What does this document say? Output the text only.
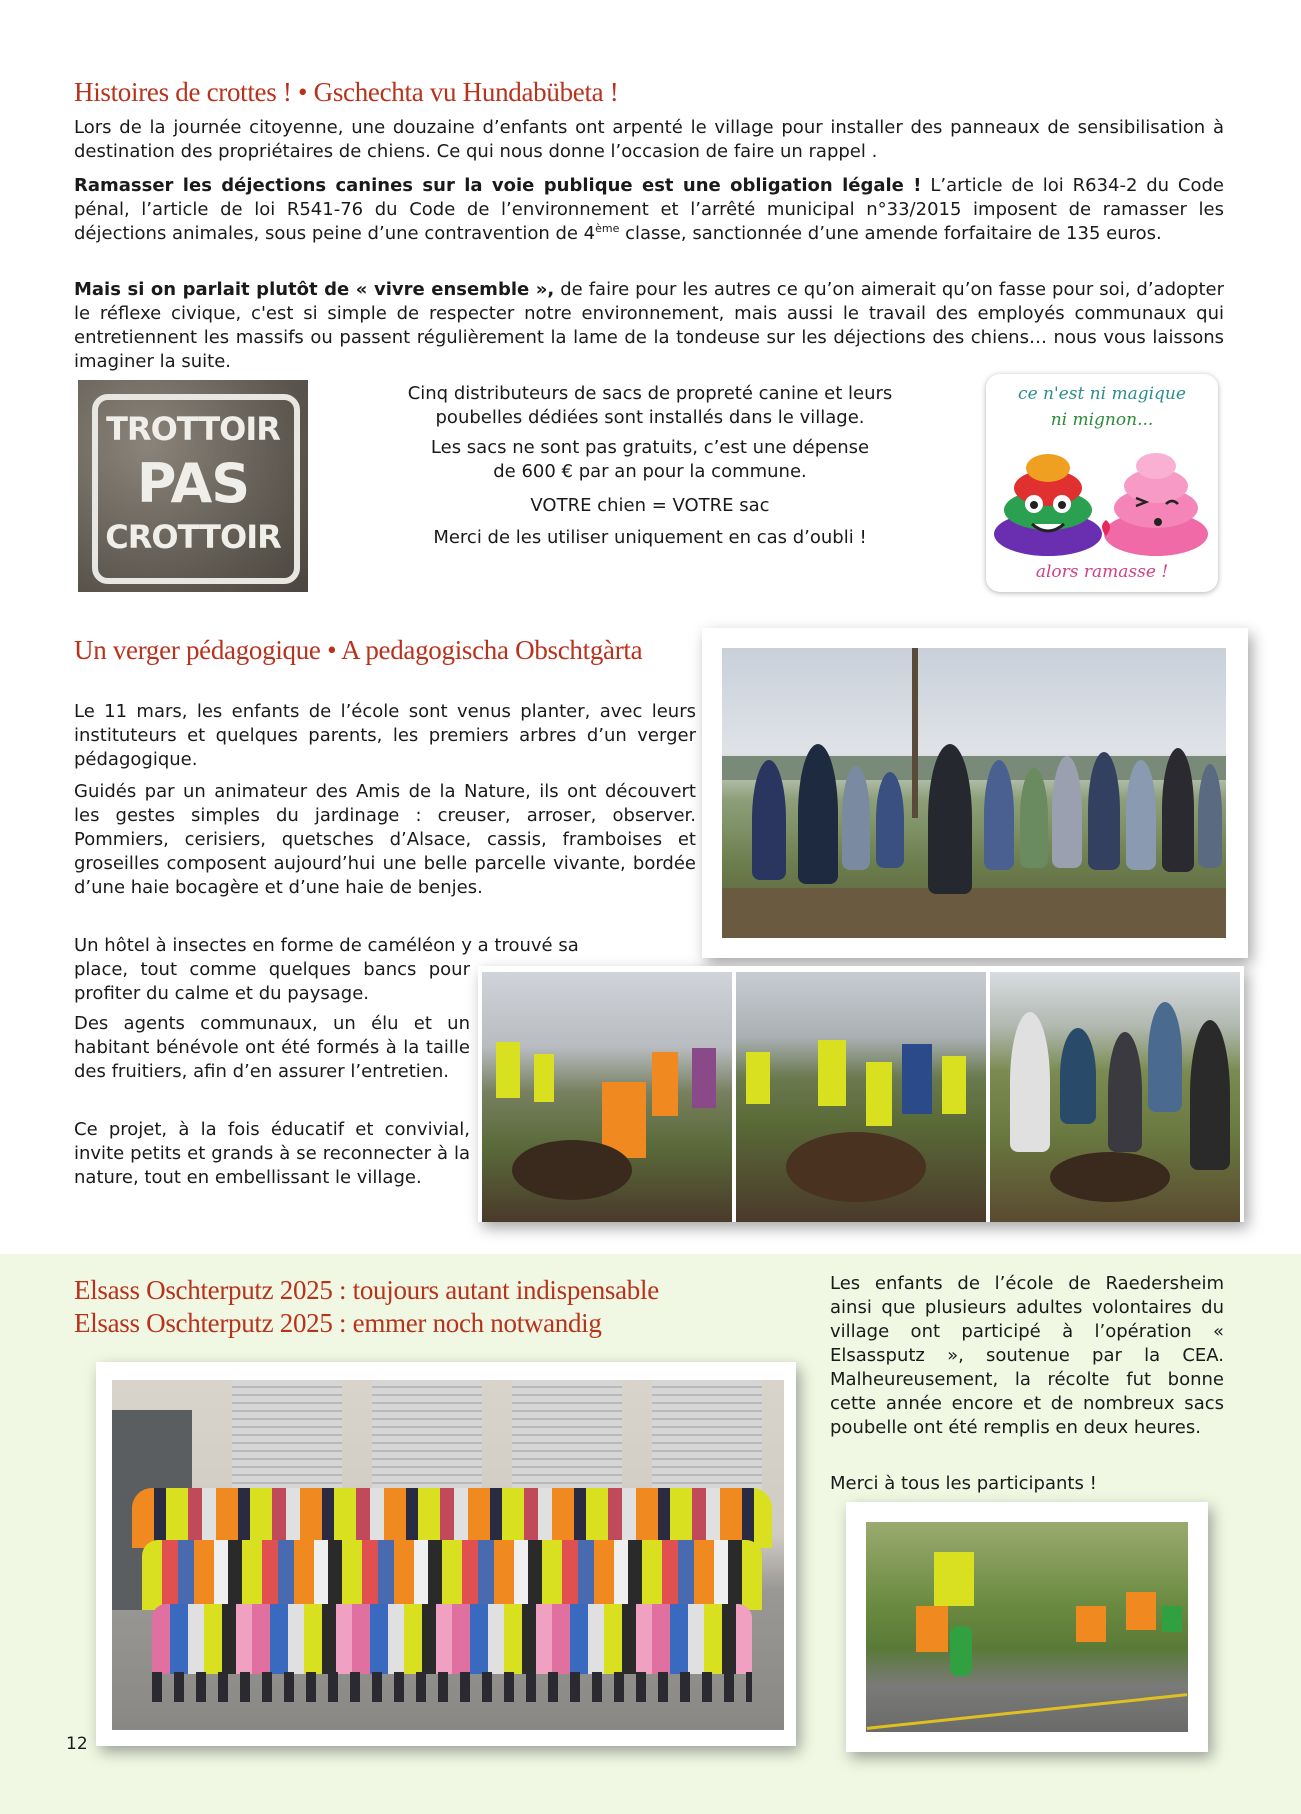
Histoires de crottes ! • Gschechta vu Hundabübeta !
Lors de la journée citoyenne, une douzaine d’enfants ont arpenté le village pour installer des panneaux de sensibilisation à destination des propriétaires de chiens. Ce qui nous donne l’occasion de faire un rappel .
Ramasser les déjections canines sur la voie publique est une obligation légale ! L’article de loi R634-2 du Code pénal, l’article de loi R541-76 du Code de l’environnement et l’arrêté municipal n°33/2015 imposent de ramasser les déjections animales, sous peine d’une contravention de 4ème classe, sanctionnée d’une amende forfaitaire de 135 euros.
Mais si on parlait plutôt de « vivre ensemble », de faire pour les autres ce qu’on aimerait qu’on fasse pour soi, d’adopter le réflexe civique, c'est si simple de respecter notre environnement, mais aussi le travail des employés communaux qui entretiennent les massifs ou passent régulièrement la lame de la tondeuse sur les déjections des chiens… nous vous laissons imaginer la suite.
TROTTOIR
PAS
CROTTOIR
Cinq distributeurs de sacs de propreté canine et leurs poubelles dédiées sont installés dans le village.
Les sacs ne sont pas gratuits, c’est une dépense de 600 € par an pour la commune.
VOTRE chien = VOTRE sac
Merci de les utiliser uniquement en cas d’oubli !
ce n'est ni magique
ni mignon...
alors ramasse !
Un verger pédagogique • A pedagogischa Obschtgàrta
Le 11 mars, les enfants de l’école sont venus planter, avec leurs instituteurs et quelques parents, les premiers arbres d’un verger pédagogique.
Guidés par un animateur des Amis de la Nature, ils ont découvert les gestes simples du jardinage : creuser, arroser, observer. Pommiers, cerisiers, quetsches d’Alsace, cassis, framboises et groseilles composent aujourd’hui une belle parcelle vivante, bordée d’une haie bocagère et d’une haie de benjes.
Un hôtel à insectes en forme de caméléon y a trouvé sa
place, tout comme quelques bancs pour profiter du calme et du paysage.
Des agents communaux, un élu et un habitant bénévole ont été formés à la taille des fruitiers, afin d’en assurer l’entretien.
Ce projet, à la fois éducatif et convivial, invite petits et grands à se reconnecter à la nature, tout en embellissant le village.
Elsass Oschterputz 2025 : toujours autant indispensable
Elsass Oschterputz 2025 : emmer noch notwandig
Les enfants de l’école de Raedersheim ainsi que plusieurs adultes volontaires du village ont participé à l’opération « Elsassputz », soutenue par la CEA. Malheureusement, la récolte fut bonne cette année encore et de nombreux sacs poubelle ont été remplis en deux heures.
Merci à tous les participants !
12
